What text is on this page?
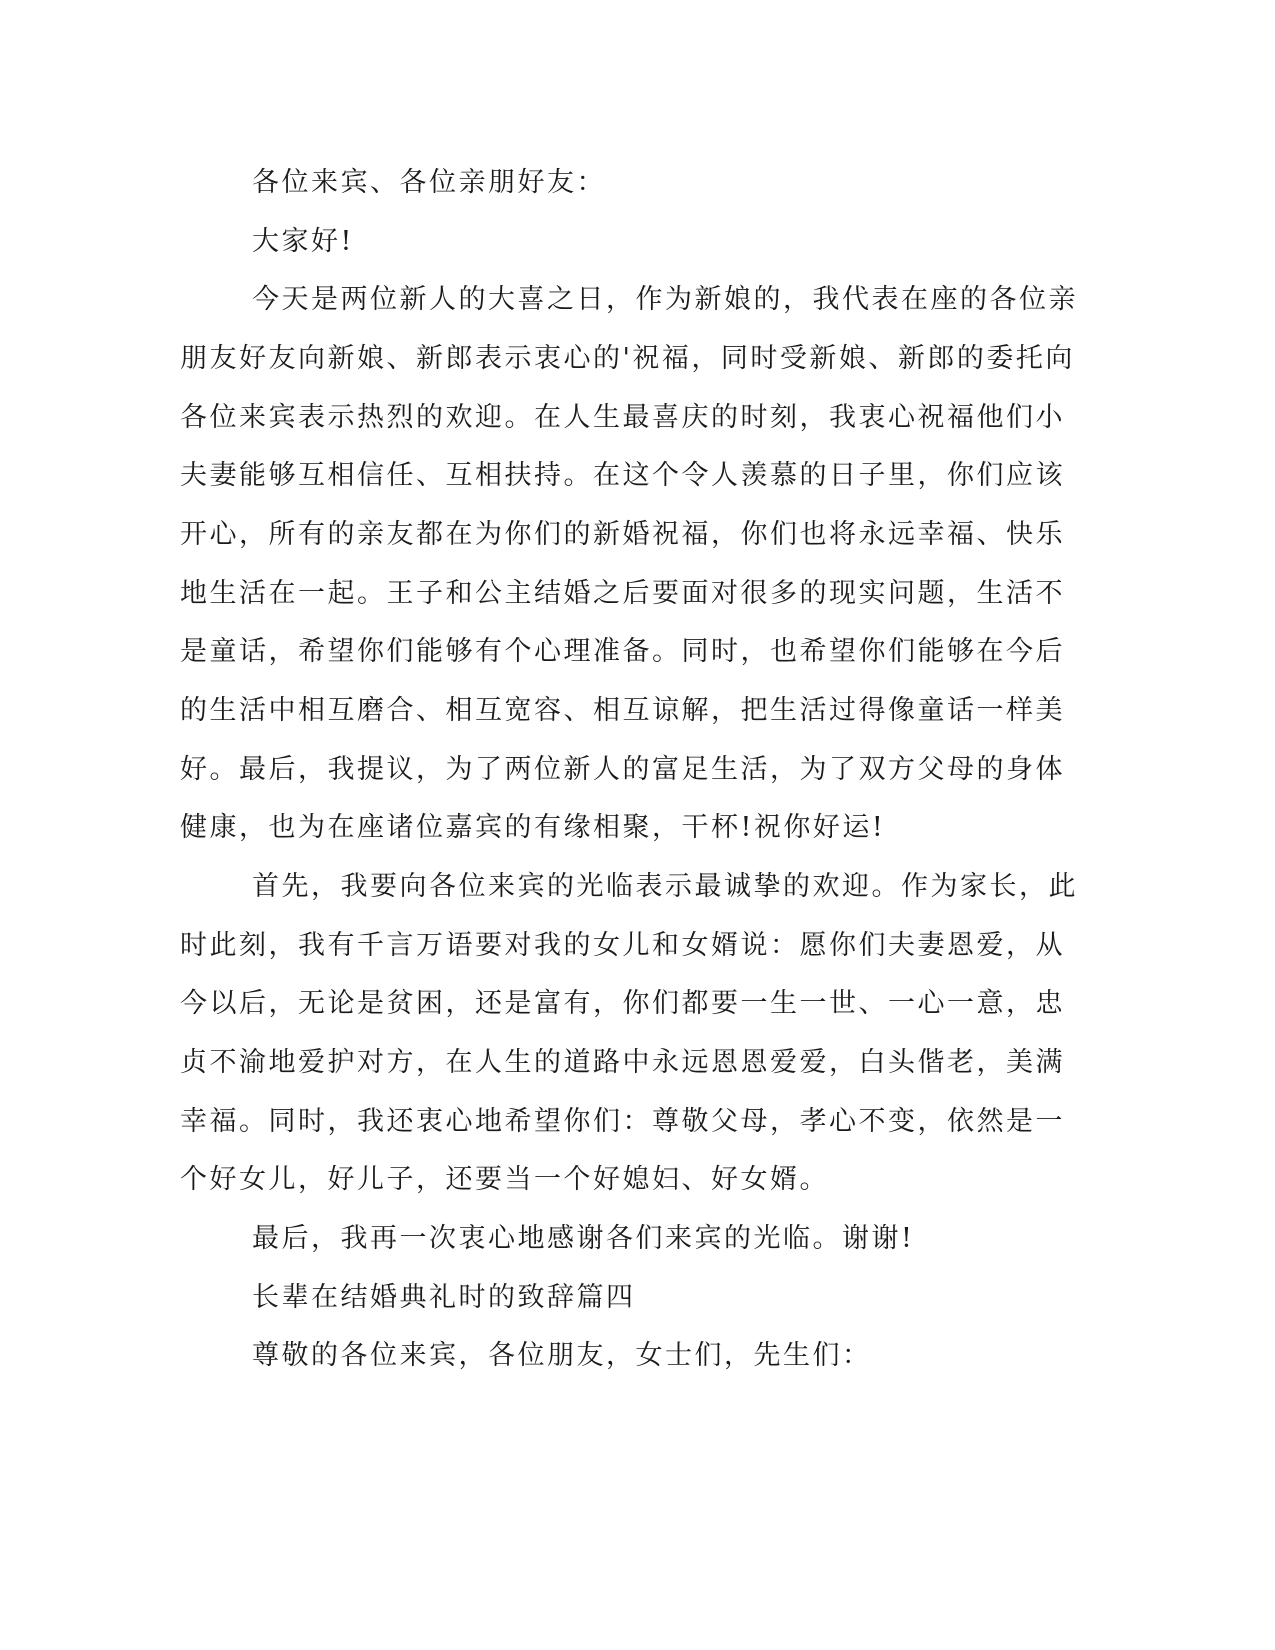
各位来宾、各位亲朋好友：
大家好!
今天是两位新人的大喜之日，作为新娘的，我代表在座的各位亲
朋友好友向新娘、新郎表示衷心的'祝福，同时受新娘、新郎的委托向
各位来宾表示热烈的欢迎。在人生最喜庆的时刻，我衷心祝福他们小
夫妻能够互相信任、互相扶持。在这个令人羡慕的日子里，你们应该
开心，所有的亲友都在为你们的新婚祝福，你们也将永远幸福、快乐
地生活在一起。王子和公主结婚之后要面对很多的现实问题，生活不
是童话，希望你们能够有个心理准备。同时，也希望你们能够在今后
的生活中相互磨合、相互宽容、相互谅解，把生活过得像童话一样美
好。最后，我提议，为了两位新人的富足生活，为了双方父母的身体
健康，也为在座诸位嘉宾的有缘相聚，干杯!祝你好运!
首先，我要向各位来宾的光临表示最诚挚的欢迎。作为家长，此
时此刻，我有千言万语要对我的女儿和女婿说：愿你们夫妻恩爱，从
今以后，无论是贫困，还是富有，你们都要一生一世、一心一意，忠
贞不渝地爱护对方，在人生的道路中永远恩恩爱爱，白头偕老，美满
幸福。同时，我还衷心地希望你们：尊敬父母，孝心不变，依然是一
个好女儿，好儿子，还要当一个好媳妇、好女婿。
最后，我再一次衷心地感谢各们来宾的光临。谢谢!
长辈在结婚典礼时的致辞篇四
尊敬的各位来宾，各位朋友，女士们，先生们：
